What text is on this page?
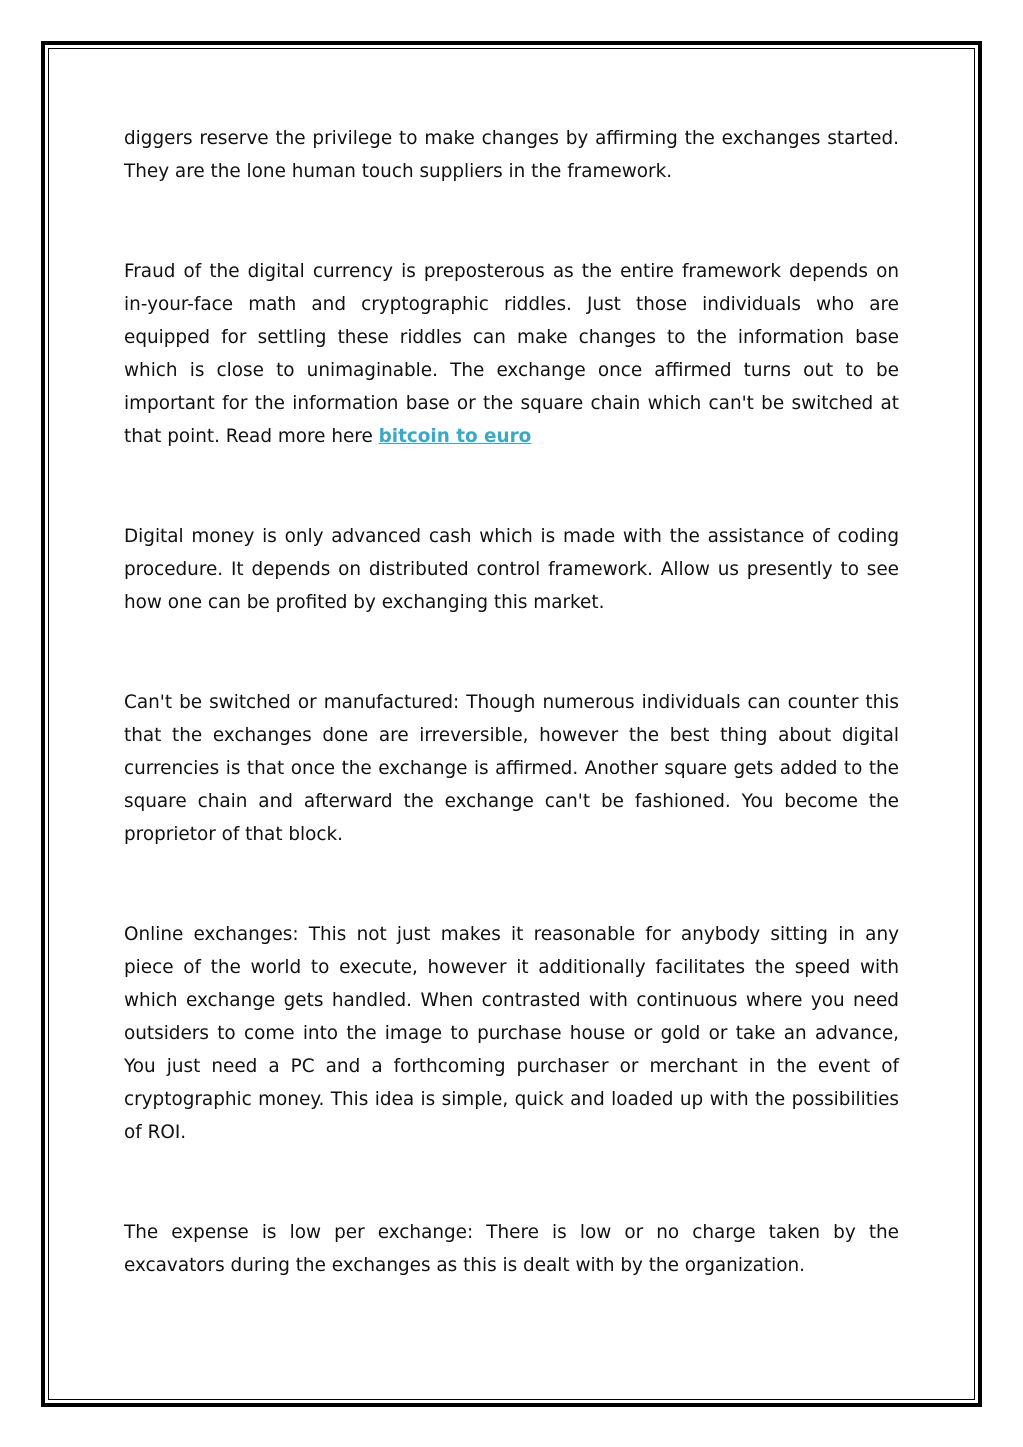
diggers reserve the privilege to make changes by affirming the exchanges started. They are the lone human touch suppliers in the framework.

Fraud of the digital currency is preposterous as the entire framework depends on in-your-face math and cryptographic riddles. Just those individuals who are equipped for settling these riddles can make changes to the information base which is close to unimaginable. The exchange once affirmed turns out to be important for the information base or the square chain which can't be switched at that point. Read more here bitcoin to euro

Digital money is only advanced cash which is made with the assistance of coding procedure. It depends on distributed control framework. Allow us presently to see how one can be profited by exchanging this market.

Can't be switched or manufactured: Though numerous individuals can counter this that the exchanges done are irreversible, however the best thing about digital currencies is that once the exchange is affirmed. Another square gets added to the square chain and afterward the exchange can't be fashioned. You become the proprietor of that block.

Online exchanges: This not just makes it reasonable for anybody sitting in any piece of the world to execute, however it additionally facilitates the speed with which exchange gets handled. When contrasted with continuous where you need outsiders to come into the image to purchase house or gold or take an advance, You just need a PC and a forthcoming purchaser or merchant in the event of cryptographic money. This idea is simple, quick and loaded up with the possibilities of ROI.

The expense is low per exchange: There is low or no charge taken by the excavators during the exchanges as this is dealt with by the organization.
